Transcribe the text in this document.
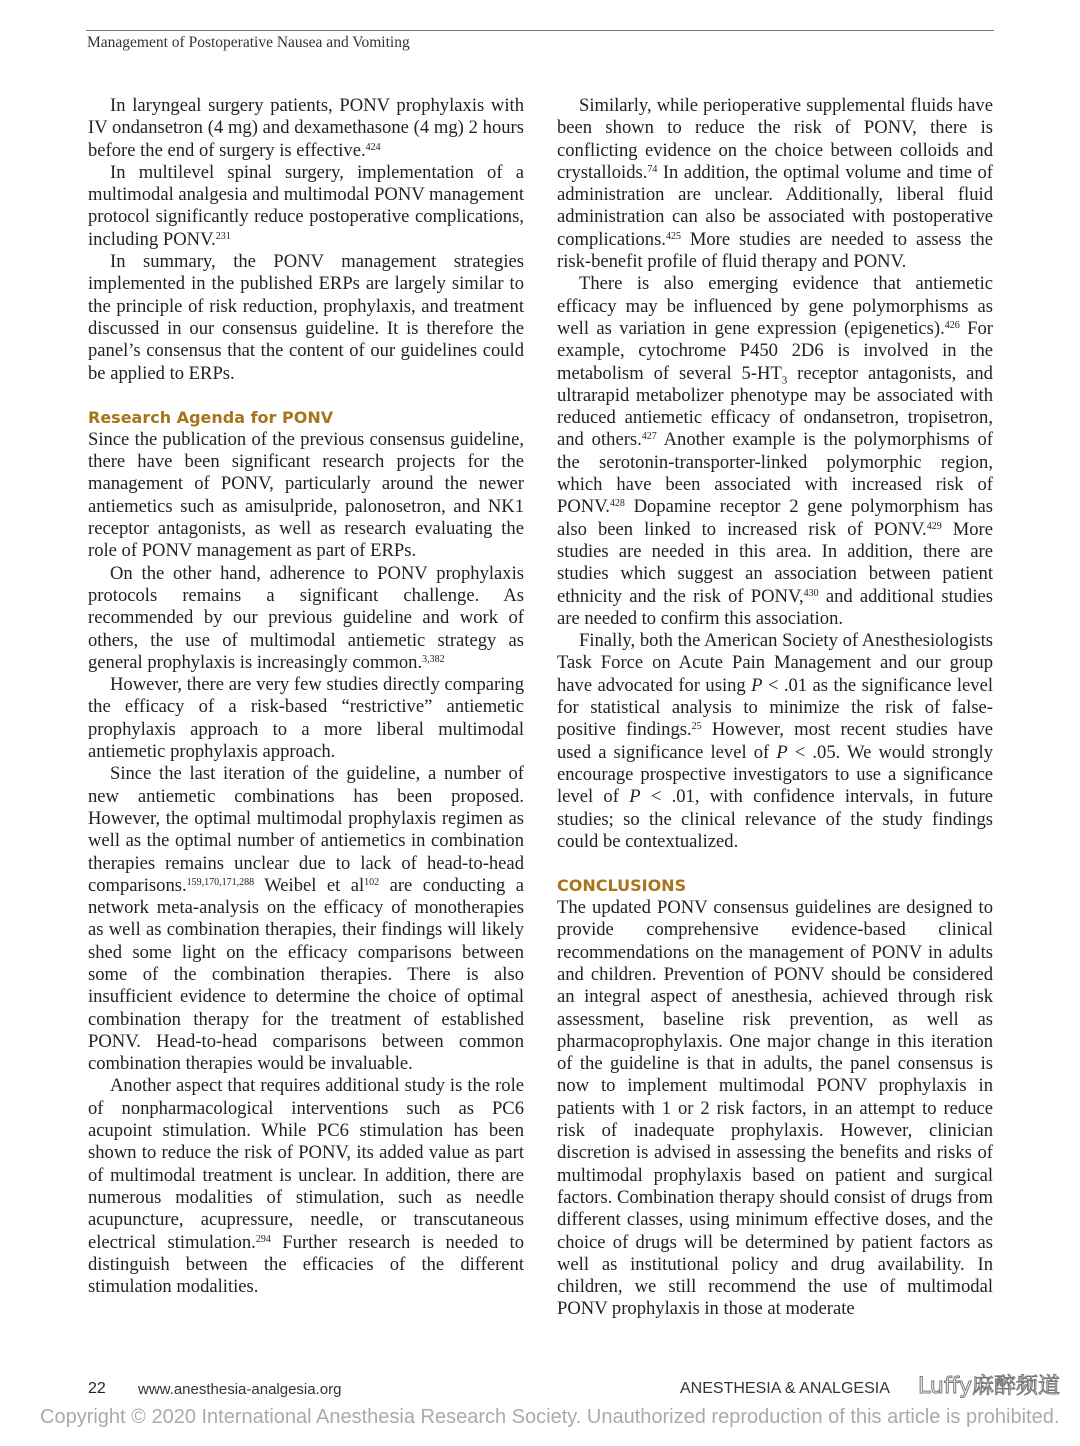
Management of Postoperative Nausea and Vomiting

In laryngeal surgery patients, PONV prophylaxis with IV ondansetron (4 mg) and dexamethasone (4 mg) 2 hours before the end of surgery is effective.$^{424}$

In multilevel spinal surgery, implementation of a multimodal analgesia and multimodal PONV management protocol significantly reduce postoperative complications, including PONV.$^{231}$

In summary, the PONV management strategies implemented in the published ERPs are largely similar to the principle of risk reduction, prophylaxis, and treatment discussed in our consensus guideline. It is therefore the panel’s consensus that the content of our guidelines could be applied to ERPs.

Research Agenda for PONV

Since the publication of the previous consensus guideline, there have been significant research projects for the management of PONV, particularly around the newer antiemetics such as amisulpride, palonosetron, and NK1 receptor antagonists, as well as research evaluating the role of PONV management as part of ERPs.

On the other hand, adherence to PONV prophylaxis protocols remains a significant challenge. As recommended by our previous guideline and work of others, the use of multimodal antiemetic strategy as general prophylaxis is increasingly common.$^{3,382}$

However, there are very few studies directly comparing the efficacy of a risk-based “restrictive” antiemetic prophylaxis approach to a more liberal multimodal antiemetic prophylaxis approach.

Since the last iteration of the guideline, a number of new antiemetic combinations has been proposed. However, the optimal multimodal prophylaxis regimen as well as the optimal number of antiemetics in combination therapies remains unclear due to lack of head-to-head comparisons.$^{159,170,171,288}$ Weibel et $al^{102}$ are conducting a network meta-analysis on the efficacy of monotherapies as well as combination therapies, their findings will likely shed some light on the efficacy comparisons between some of the combination therapies. There is also insufficient evidence to determine the choice of optimal combination therapy for the treatment of established PONV. Head-to-head comparisons between common combination therapies would be invaluable.

Another aspect that requires additional study is the role of nonpharmacological interventions such as PC6 acupoint stimulation. While PC6 stimulation has been shown to reduce the risk of PONV, its added value as part of multimodal treatment is unclear. In addition, there are numerous modalities of stimulation, such as needle acupuncture, acupressure, needle, or transcutaneous electrical stimulation.$^{294}$ Further research is needed to distinguish between the efficacies of the different stimulation modalities.

Similarly, while perioperative supplemental fluids have been shown to reduce the risk of PONV, there is conflicting evidence on the choice between colloids and crystalloids.$^{74}$ In addition, the optimal volume and time of administration are unclear. Additionally, liberal fluid administration can also be associated with postoperative complications.$^{425}$ More studies are needed to assess the risk-benefit profile of fluid therapy and PONV.

There is also emerging evidence that antiemetic efficacy may be influenced by gene polymorphisms as well as variation in gene expression (epigenetics).$^{426}$ For example, cytochrome P450 2D6 is involved in the metabolism of several $5-HT_3$ receptor antagonists, and ultrarapid metabolizer phenotype may be associated with reduced antiemetic efficacy of ondansetron, tropisetron, and others.$^{427}$ Another example is the polymorphisms of the serotonin-transporter-linked polymorphic region, which have been associated with increased risk of PONV.$^{428}$ Dopamine receptor 2 gene polymorphism has also been linked to increased risk of PONV.$^{429}$ More studies are needed in this area. In addition, there are studies which suggest an association between patient ethnicity and the risk of PONV,$^{430}$ and additional studies are needed to confirm this association.

Finally, both the American Society of Anesthesiologists Task Force on Acute Pain Management and our group have advocated for using P < .01 as the significance level for statistical analysis to minimize the risk of false-positive findings.$^{25}$ However, most recent studies have used a significance level of P < .05. We would strongly encourage prospective investigators to use a significance level of P < .01, with confidence intervals, in future studies; so the clinical relevance of the study findings could be contextualized.

CONCLUSIONS

The updated PONV consensus guidelines are designed to provide comprehensive evidence-based clinical recommendations on the management of PONV in adults and children. Prevention of PONV should be considered an integral aspect of anesthesia, achieved through risk assessment, baseline risk prevention, as well as pharmacoprophylaxis. One major change in this iteration of the guideline is that in adults, the panel consensus is now to implement multimodal PONV prophylaxis in patients with 1 or 2 risk factors, in an attempt to reduce risk of inadequate prophylaxis. However, clinician discretion is advised in assessing the benefits and risks of multimodal prophylaxis based on patient and surgical factors. Combination therapy should consist of drugs from different classes, using minimum effective doses, and the choice of drugs will be determined by patient factors as well as institutional policy and drug availability. In children, we still recommend the use of multimodal PONV prophylaxis in those at moderate

22 www.anesthesia-analgesia.org	ANESTHESIA & ANALGESIA Luffy麻醉频道
Copyright © 2020 International Anesthesia Research Society. Unauthorized reproduction of this article is prohibited.
